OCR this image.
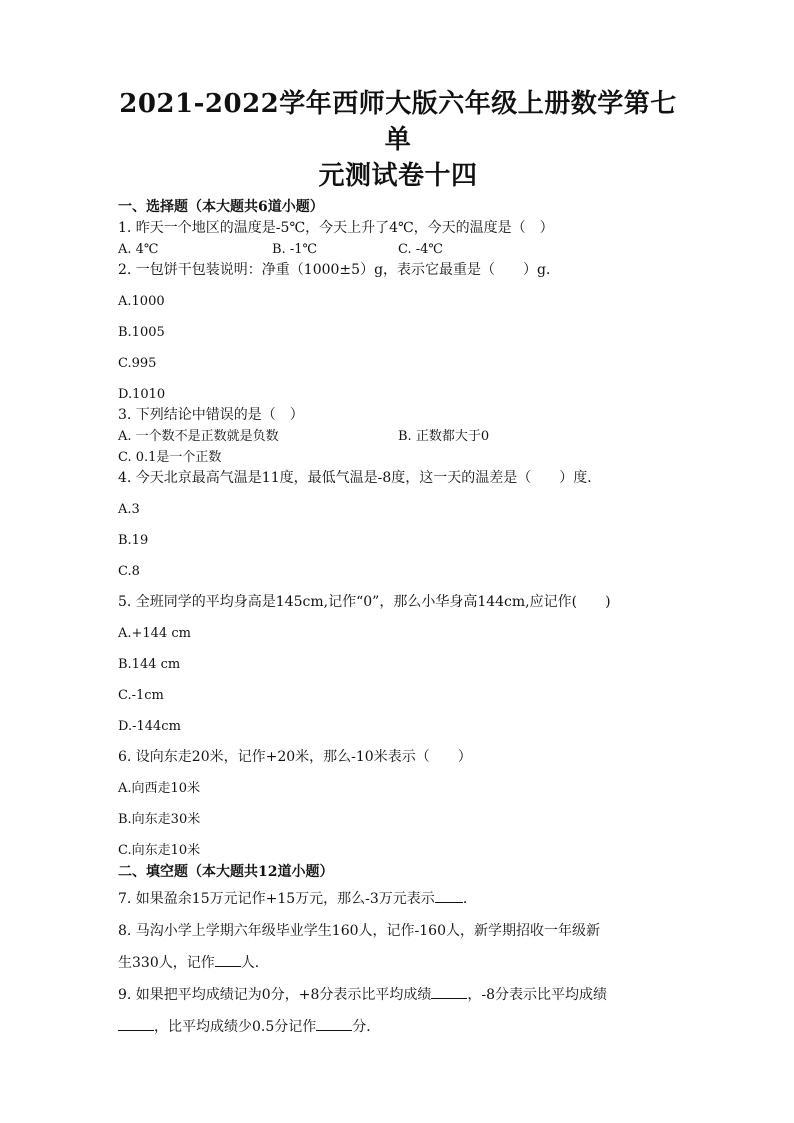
2021-2022学年西师大版六年级上册数学第七单
元测试卷十四

一、选择题（本大题共6道小题）

1. 昨天一个地区的温度是-5℃，今天上升了4℃，今天的温度是（　）

A. 4℃	B. -1℃	C. -4℃

2. 一包饼干包装说明：净重（1000±5）g，表示它最重是（　　）g．

A.1000

B.1005

C.995

D.1010

3. 下列结论中错误的是（　）

A. 一个数不是正数就是负数	B. 正数都大于0
C. 0.1是一个正数

4. 今天北京最高气温是11度，最低气温是-8度，这一天的温差是（　　）度．

A.3

B.19

C.8

5. 全班同学的平均身高是145cm,记作“0”，那么小华身高144cm,应记作(　　)

A.+144 cm

B.144 cm

C.-1cm

D.-144cm

6. 设向东走20米，记作+20米，那么-10米表示（　　）

A.向西走10米

B.向东走30米

C.向东走10米

二、填空题（本大题共12道小题）

7. 如果盈余15万元记作+15万元，那么-3万元表示 ．

8. 马沟小学上学期六年级毕业学生160人，记作-160人，新学期招收一年级新

生330人，记作 人．

9. 如果把平均成绩记为0分，+8分表示比平均成绩	，-8分表示比平均成绩

，比平均成绩少0.5分记作	分．
